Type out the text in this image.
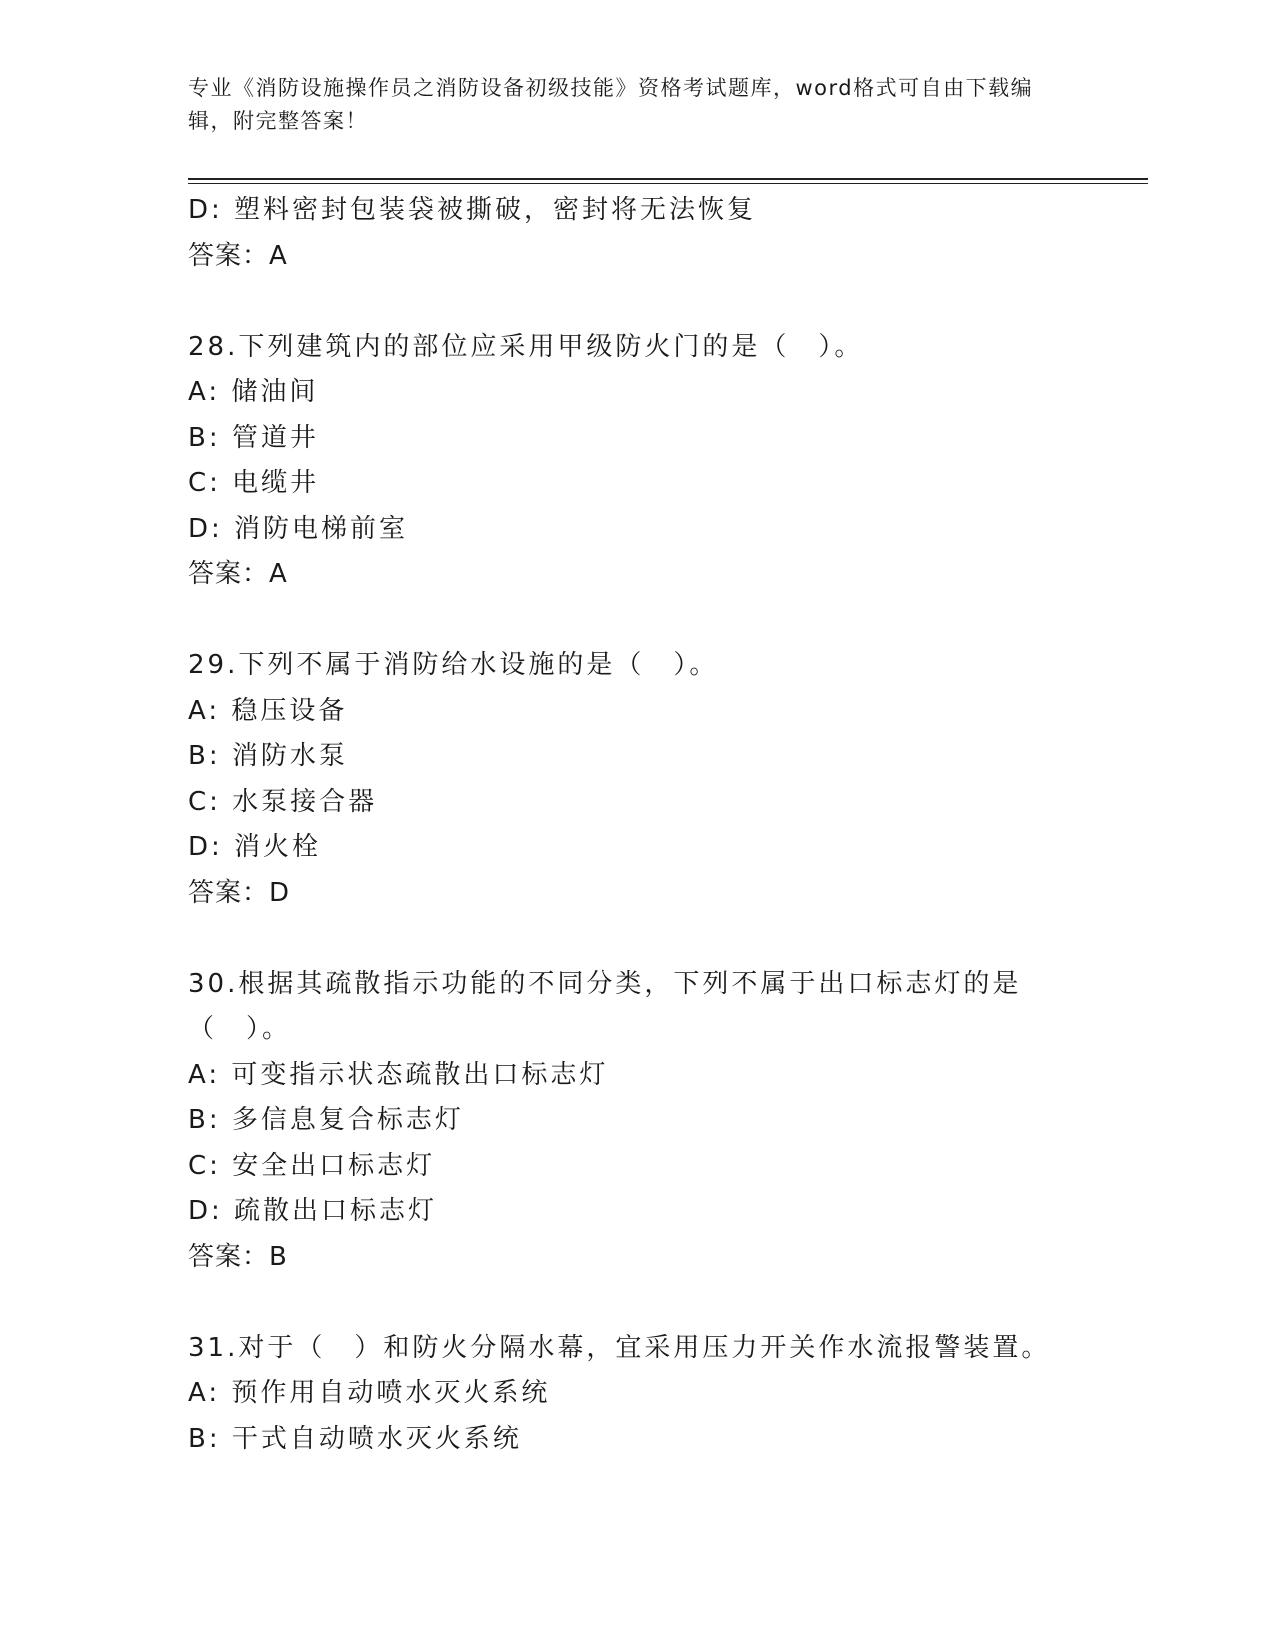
专业《消防设施操作员之消防设备初级技能》资格考试题库，word格式可自由下载编辑，附完整答案！
D: 塑料密封包装袋被撕破，密封将无法恢复
答案：A
28.下列建筑内的部位应采用甲级防火门的是（　）。
A: 储油间
B: 管道井
C: 电缆井
D: 消防电梯前室
答案：A
29.下列不属于消防给水设施的是（　）。
A: 稳压设备
B: 消防水泵
C: 水泵接合器
D: 消火栓
答案：D
30.根据其疏散指示功能的不同分类，下列不属于出口标志灯的是（　）。
A: 可变指示状态疏散出口标志灯
B: 多信息复合标志灯
C: 安全出口标志灯
D: 疏散出口标志灯
答案：B
31.对于（　）和防火分隔水幕，宜采用压力开关作水流报警装置。
A: 预作用自动喷水灭火系统
B: 干式自动喷水灭火系统
